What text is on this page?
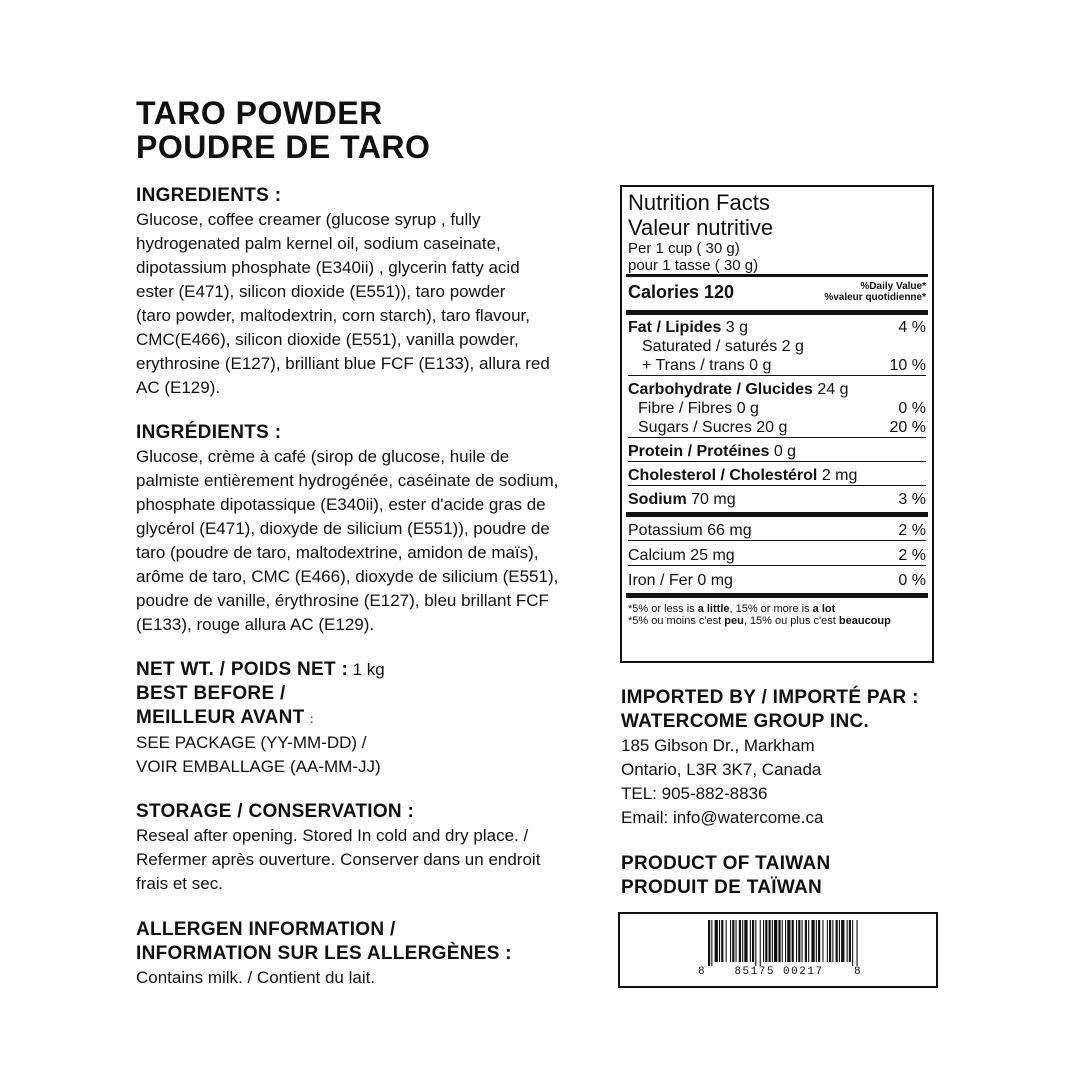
TARO POWDER
POUDRE DE TARO
INGREDIENTS :
Glucose, coffee creamer (glucose syrup , fully
hydrogenated palm kernel oil, sodium caseinate,
dipotassium phosphate (E340ii) , glycerin fatty acid
ester (E471), silicon dioxide (E551)), taro powder
(taro powder, maltodextrin, corn starch), taro flavour,
CMC(E466), silicon dioxide (E551), vanilla powder,
erythrosine (E127), brilliant blue FCF (E133), allura red
AC (E129).
INGRÉDIENTS :
Glucose, crème à café (sirop de glucose, huile de
palmiste entièrement hydrogénée, caséinate de sodium,
phosphate dipotassique (E340ii), ester d'acide gras de
glycérol (E471), dioxyde de silicium (E551)), poudre de
taro (poudre de taro, maltodextrine, amidon de maïs),
arôme de taro, CMC (E466), dioxyde de silicium (E551),
poudre de vanille, érythrosine (E127), bleu brillant FCF
(E133), rouge allura AC (E129).
NET WT. / POIDS NET : 1 kg
BEST BEFORE /
MEILLEUR AVANT ：
SEE PACKAGE (YY-MM-DD) /
VOIR EMBALLAGE (AA-MM-JJ)
STORAGE / CONSERVATION :
Reseal after opening. Stored In cold and dry place. /
Refermer après ouverture. Conserver dans un endroit
frais et sec.
ALLERGEN INFORMATION /
INFORMATION SUR LES ALLERGÈNES :
Contains milk. / Contient du lait.
Nutrition Facts
Valeur nutritive
Per 1 cup ( 30 g)
pour 1 tasse ( 30 g)
Calories 120	%Daily Value*
%valeur quotidienne*
Fat / Lipides 3 g	4 %
Saturated / saturés 2 g
+ Trans / trans 0 g	10 %
Carbohydrate / Glucides 24 g
Fibre / Fibres 0 g	0 %
Sugars / Sucres 20 g	20 %
Protein / Protéines 0 g
Cholesterol / Cholestérol 2 mg
Sodium 70 mg	3 %
Potassium 66 mg	2 %
Calcium 25 mg	2 %
Iron / Fer 0 mg	0 %
*5% or less is a little, 15% or more is a lot
*5% ou moins c'est peu, 15% ou plus c'est beaucoup
IMPORTED BY / IMPORTÉ PAR :
WATERCOME GROUP INC.
185 Gibson Dr., Markham
Ontario, L3R 3K7, Canada
TEL: 905-882-8836
Email: info@watercome.ca
PRODUCT OF TAIWAN
PRODUIT DE TAÏWAN
8	85175 00217	8
